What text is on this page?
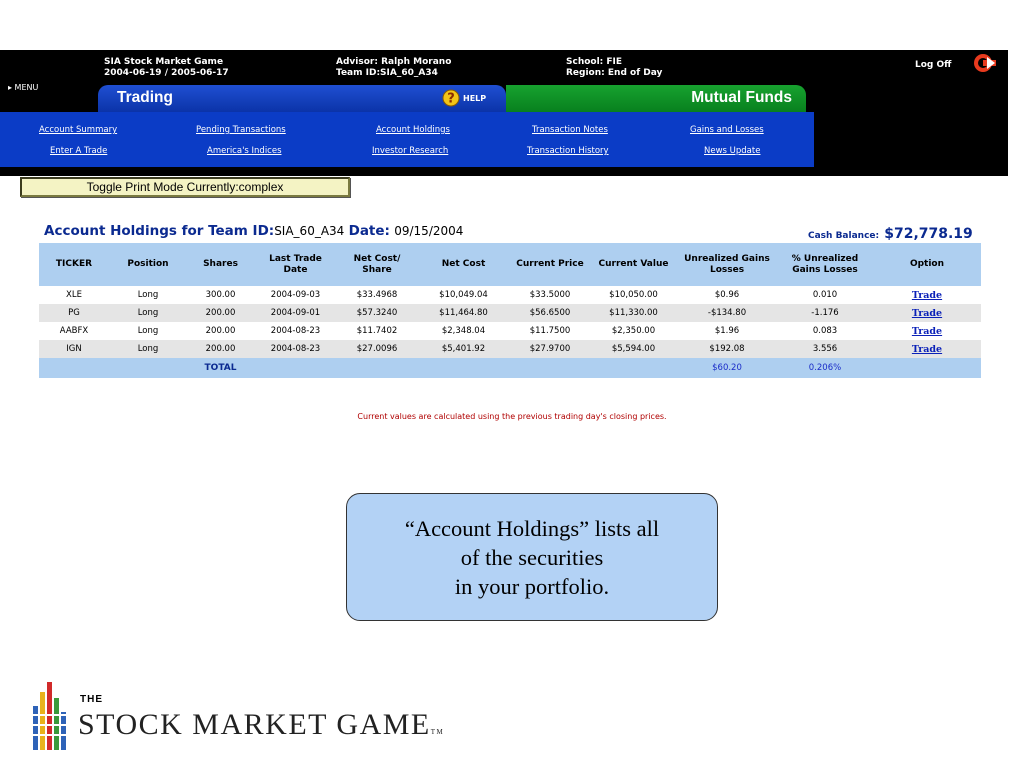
SIA Stock Market Game
2004-06-19 / 2005-06-17
Advisor: Ralph Morano
Team ID:SIA_60_A34
School: FIE
Region: End of Day
▸ MENU
Log Off
Trading	Mutual Funds
? HELP
Account Summary	Pending Transactions	Account Holdings	Transaction Notes	Gains and Losses
Enter A Trade	America's Indices	Investor Research	Transaction History	News Update
Toggle Print Mode Currently:complex
Account Holdings for Team ID:SIA_60_A34 Date: 09/15/2004	Cash Balance: $72,778.19
TICKER	Position	Shares	Last Trade Date	Net Cost/ Share	Net Cost	Current Price	Current Value	Unrealized Gains Losses	% Unrealized Gains Losses	Option
XLE	Long	300.00	2004-09-03	$33.4968	$10,049.04	$33.5000	$10,050.00	$0.96	0.010	Trade
PG	Long	200.00	2004-09-01	$57.3240	$11,464.80	$56.6500	$11,330.00	-$134.80	-1.176	Trade
AABFX	Long	200.00	2004-08-23	$11.7402	$2,348.04	$11.7500	$2,350.00	$1.96	0.083	Trade
IGN	Long	200.00	2004-08-23	$27.0096	$5,401.92	$27.9700	$5,594.00	$192.08	3.556	Trade
		TOTAL						$60.20	0.206%	
Current values are calculated using the previous trading day's closing prices.
“Account Holdings” lists all
of the securities
in your portfolio.
THE
STOCK MARKET GAMETM
